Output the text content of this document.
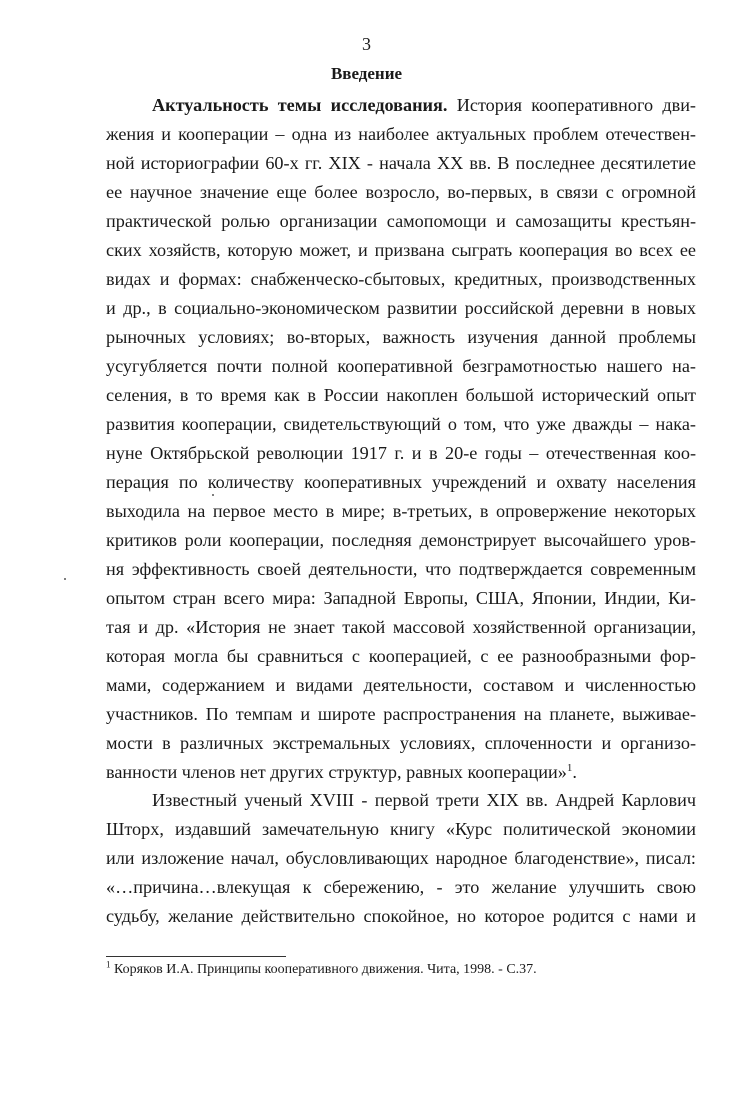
3
Введение
Актуальность темы исследования. История кооперативного дви-
жения и кооперации – одна из наиболее актуальных проблем отечествен-
ной историографии 60-х гг. XIX - начала XX вв. В последнее десятилетие
ее научное значение еще более возросло, во-первых, в связи с огромной
практической ролью организации самопомощи и самозащиты крестьян-
ских хозяйств, которую может, и призвана сыграть кооперация во всех ее
видах и формах: снабженческо-сбытовых, кредитных, производственных
и др., в социально-экономическом развитии российской деревни в новых
рыночных условиях; во-вторых, важность изучения данной проблемы
усугубляется почти полной кооперативной безграмотностью нашего на-
селения, в то время как в России накоплен большой исторический опыт
развития кооперации, свидетельствующий о том, что уже дважды – нака-
нуне Октябрьской революции 1917 г. и в 20-е годы – отечественная коо-
перация по количеству кооперативных учреждений и охвату населения
выходила на первое место в мире; в-третьих, в опровержение некоторых
критиков роли кооперации, последняя демонстрирует высочайшего уров-
ня эффективность своей деятельности, что подтверждается современным
опытом стран всего мира: Западной Европы, США, Японии, Индии, Ки-
тая и др. «История не знает такой массовой хозяйственной организации,
которая могла бы сравниться с кооперацией, с ее разнообразными фор-
мами, содержанием и видами деятельности, составом и численностью
участников. По темпам и широте распространения на планете, выживае-
мости в различных экстремальных условиях, сплоченности и организо-
ванности членов нет других структур, равных кооперации»$^1$.
Известный ученый XVIII - первой трети XIX вв. Андрей Карлович
Шторх, издавший замечательную книгу «Курс политической экономии
или изложение начал, обусловливающих народное благоденствие», писал:
«…причина…влекущая к сбережению, - это желание улучшить свою
судьбу, желание действительно спокойное, но которое родится с нами и
$^1$ Коряков И.А. Принципы кооперативного движения. Чита, 1998. - С.37.
